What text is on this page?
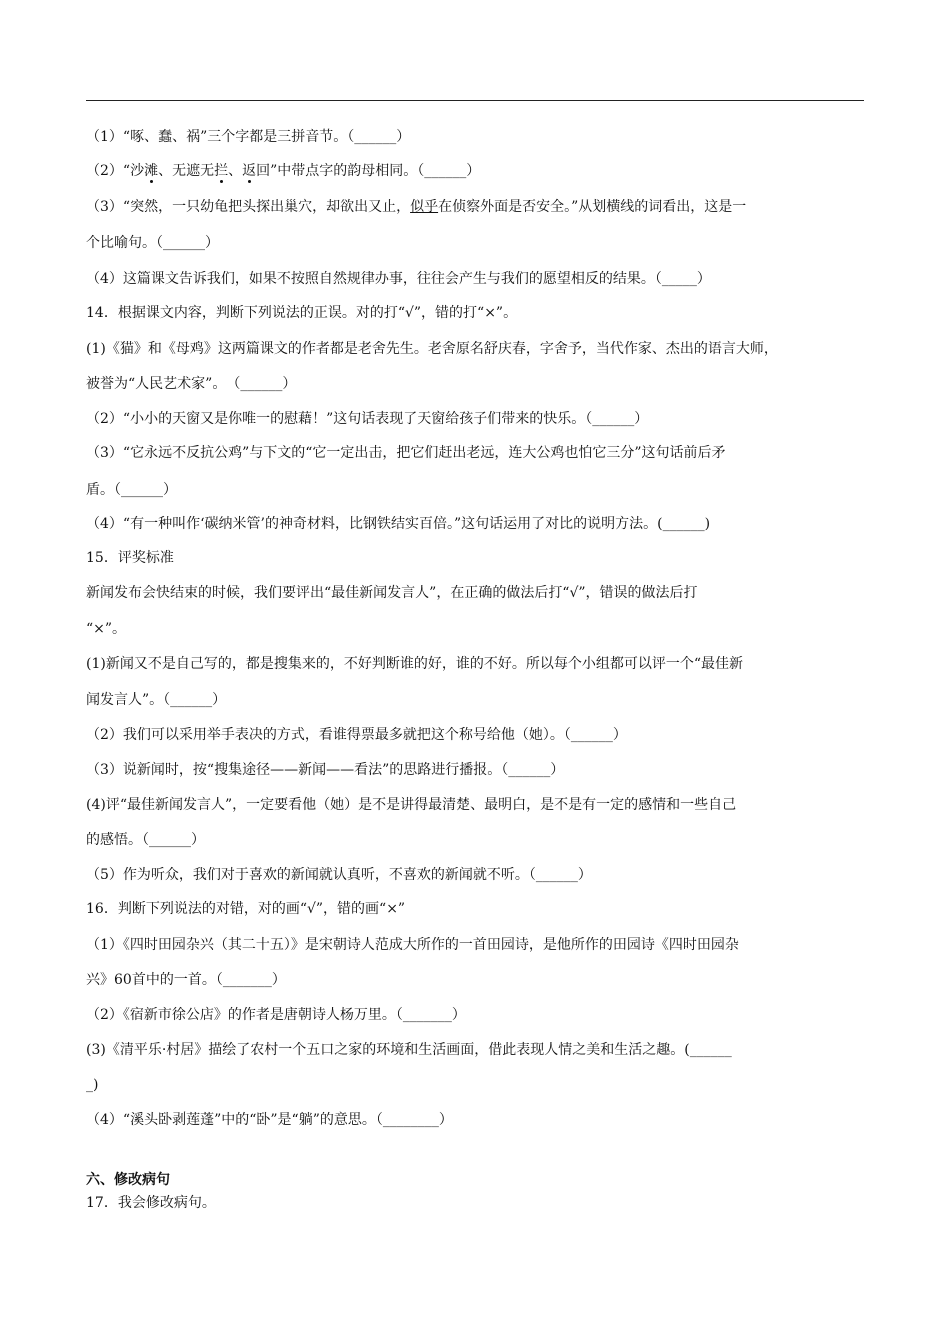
（1）“啄、蠢、祸”三个字都是三拼音节。（______）
（2）“沙滩、无遮无拦、返回”中带点字的韵母相同。（______）
（3）“突然，一只幼龟把头探出巢穴，却欲出又止，似乎在侦察外面是否安全。”从划横线的词看出，这是一
个比喻句。（______）
（4）这篇课文告诉我们，如果不按照自然规律办事，往往会产生与我们的愿望相反的结果。（_____）
14．根据课文内容，判断下列说法的正误。对的打“√”，错的打“×”。
(1)《猫》和《母鸡》这两篇课文的作者都是老舍先生。老舍原名舒庆春，字舍予，当代作家、杰出的语言大师，
被誉为“人民艺术家”。　（______）
（2）“小小的天窗又是你唯一的慰藉！”这句话表现了天窗给孩子们带来的快乐。（______）
（3）“它永远不反抗公鸡”与下文的“它一定出击，把它们赶出老远，连大公鸡也怕它三分”这句话前后矛
盾。（______）
（4）“有一种叫作‘碳纳米管’的神奇材料，比钢铁结实百倍。”这句话运用了对比的说明方法。(______)
15．评奖标准
新闻发布会快结束的时候，我们要评出“最佳新闻发言人”，在正确的做法后打“√”，错误的做法后打
“×”。
(1)新闻又不是自己写的，都是搜集来的，不好判断谁的好，谁的不好。所以每个小组都可以评一个“最佳新
闻发言人”。（______）
（2）我们可以采用举手表决的方式，看谁得票最多就把这个称号给他（她）。（______）
（3）说新闻时，按“搜集途径——新闻——看法”的思路进行播报。（______）
(4)评“最佳新闻发言人”，一定要看他（她）是不是讲得最清楚、最明白，是不是有一定的感情和一些自己
的感悟。（______）
（5）作为听众，我们对于喜欢的新闻就认真听，不喜欢的新闻就不听。（______）
16．判断下列说法的对错，对的画“√”，错的画“×”
（1）《四时田园杂兴（其二十五）》是宋朝诗人范成大所作的一首田园诗，是他所作的田园诗《四时田园杂
兴》60首中的一首。（_______）
（2）《宿新市徐公店》的作者是唐朝诗人杨万里。（_______）
(3)《清平乐·村居》描绘了农村一个五口之家的环境和生活画面，借此表现人情之美和生活之趣。(______
_)
（4）“溪头卧剥莲蓬”中的“卧”是“躺”的意思。（________）
六、修改病句
17．我会修改病句。
